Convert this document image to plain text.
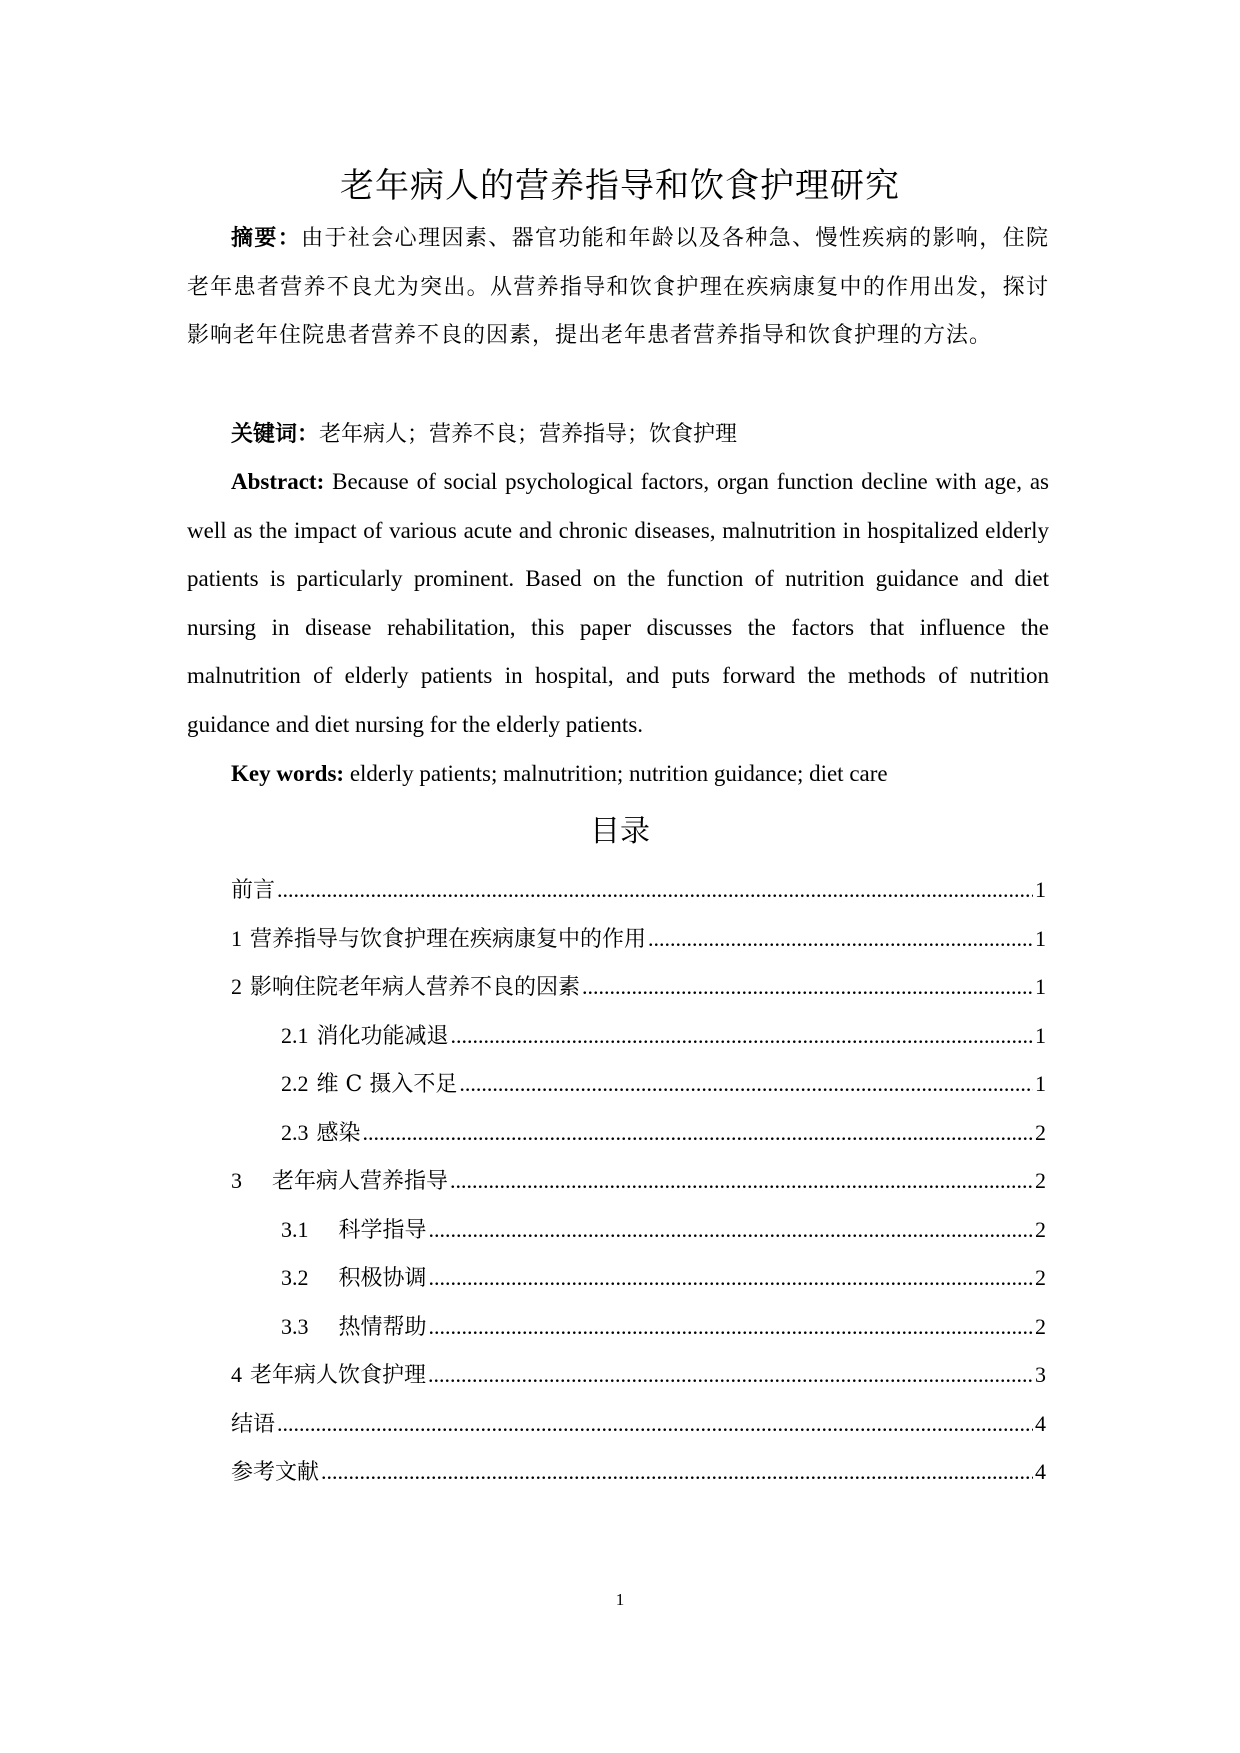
老年病人的营养指导和饮食护理研究
摘要：由于社会心理因素、器官功能和年龄以及各种急、慢性疾病的影响，住院老年患者营养不良尤为突出。从营养指导和饮食护理在疾病康复中的作用出发，探讨影响老年住院患者营养不良的因素，提出老年患者营养指导和饮食护理的方法。
关键词：老年病人；营养不良；营养指导；饮食护理
Abstract: Because of social psychological factors, organ function decline with age, as well as the impact of various acute and chronic diseases, malnutrition in hospitalized elderly patients is particularly prominent. Based on the function of nutrition guidance and diet nursing in disease rehabilitation, this paper discusses the factors that influence the malnutrition of elderly patients in hospital, and puts forward the methods of nutrition guidance and diet nursing for the elderly patients.
Key words: elderly patients; malnutrition; nutrition guidance; diet care
目录
前言 .....	1
1 营养指导与饮食护理在疾病康复中的作用 .....	1
2 影响住院老年病人营养不良的因素 .....	1
2.1 消化功能减退 .....	1
2.2 维 C 摄入不足 .....	1
2.3 感染 .....	2
3 老年病人营养指导 .....	2
3.1 科学指导 .....	2
3.2 积极协调 .....	2
3.3 热情帮助 .....	2
4 老年病人饮食护理 .....	3
结语 .....	4
参考文献 .....	4
1
